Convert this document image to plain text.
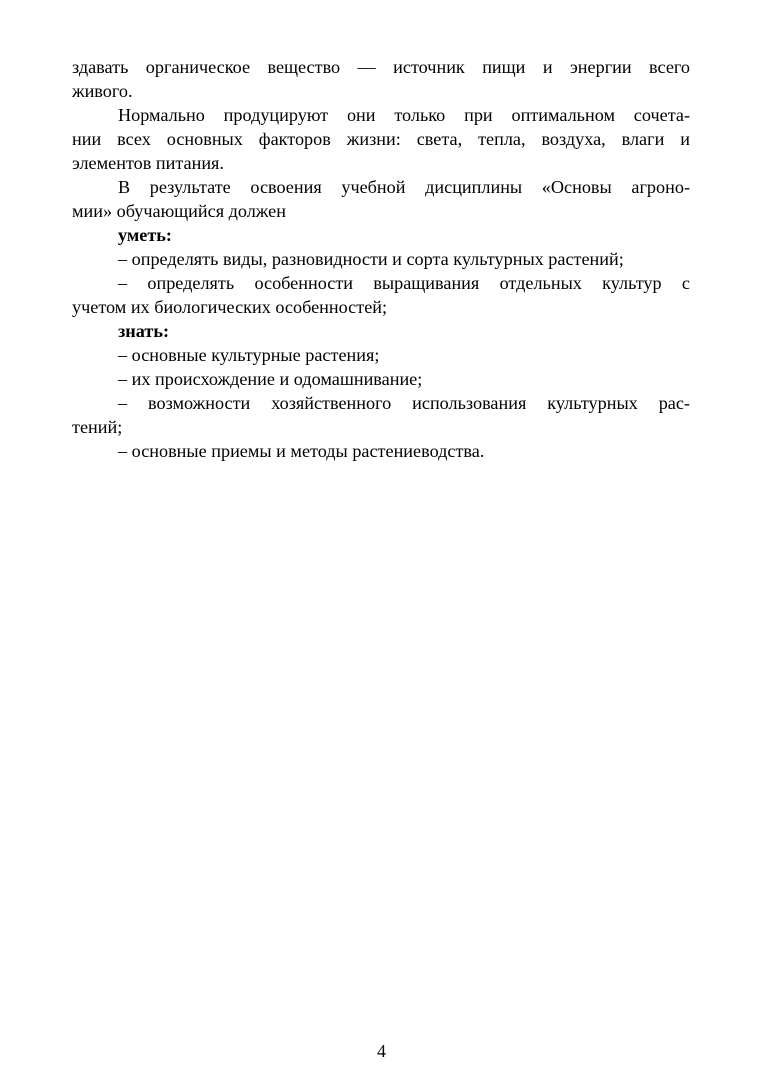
здавать органическое вещество — источник пищи и энергии всего
живого.
Нормально продуцируют они только при оптимальном сочета-
нии всех основных факторов жизни: света, тепла, воздуха, влаги и
элементов питания.
В результате освоения учебной дисциплины «Основы агроно-
мии» обучающийся должен
уметь:
– определять виды, разновидности и сорта культурных растений;
– определять особенности выращивания отдельных культур с
учетом их биологических особенностей;
знать:
– основные культурные растения;
– их происхождение и одомашнивание;
– возможности хозяйственного использования культурных рас-
тений;
– основные приемы и методы растениеводства.
4
